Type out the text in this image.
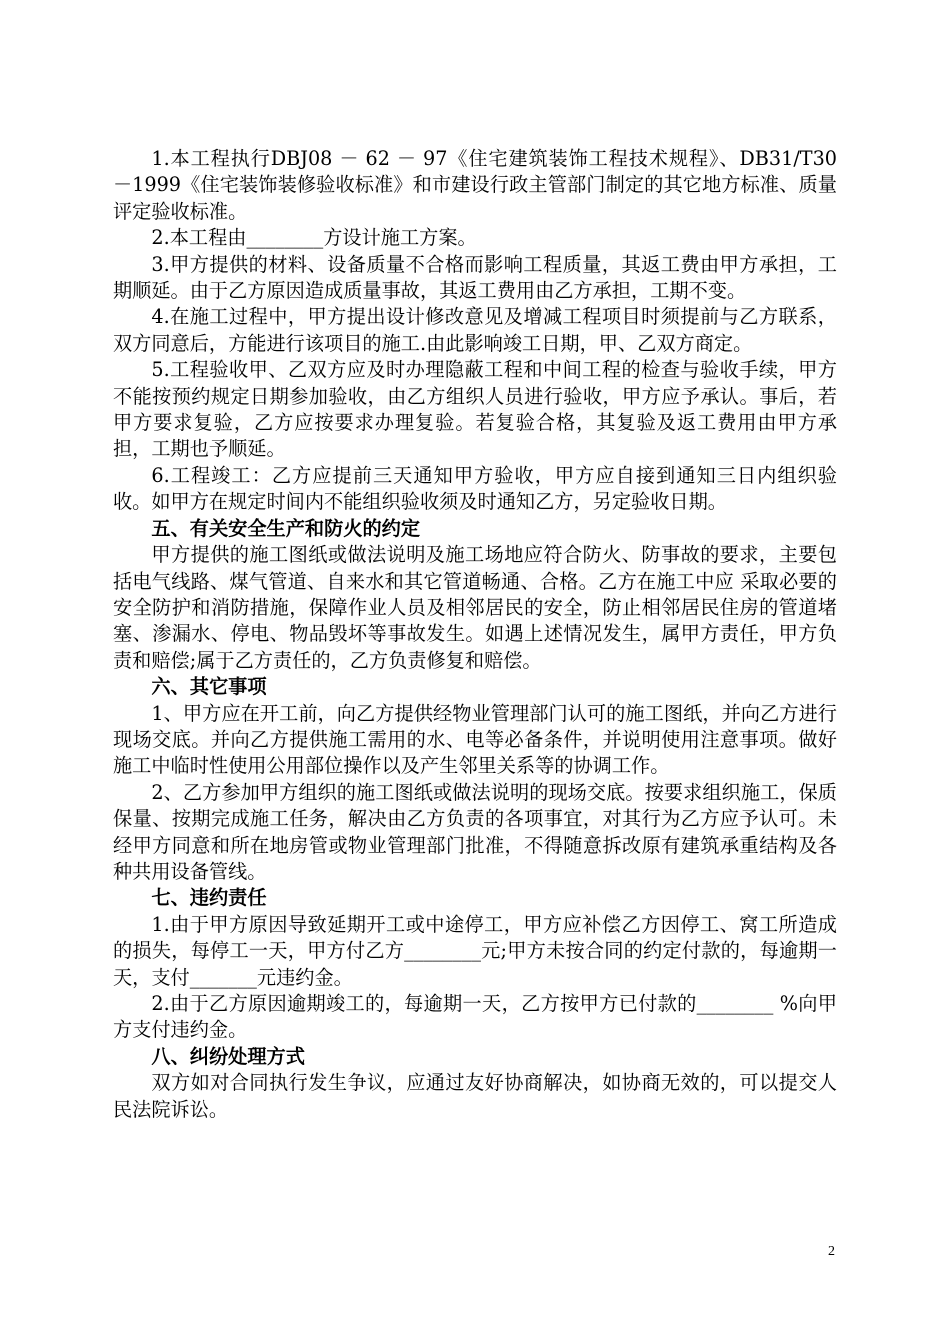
1.本工程执行DBJ08 － 62 － 97《住宅建筑装饰工程技术规程》、DB31/T30 －1999《住宅装饰装修验收标准》和市建设行政主管部门制定的其它地方标准、质量评定验收标准。

2.本工程由________方设计施工方案。

3.甲方提供的材料、设备质量不合格而影响工程质量，其返工费由甲方承担，工期顺延。由于乙方原因造成质量事故，其返工费用由乙方承担，工期不变。

4.在施工过程中，甲方提出设计修改意见及增减工程项目时须提前与乙方联系，双方同意后，方能进行该项目的施工.由此影响竣工日期，甲、乙双方商定。

5.工程验收甲、乙双方应及时办理隐蔽工程和中间工程的检查与验收手续，甲方不能按预约规定日期参加验收，由乙方组织人员进行验收，甲方应予承认。事后，若甲方要求复验，乙方应按要求办理复验。若复验合格，其复验及返工费用由甲方承担，工期也予顺延。

6.工程竣工：乙方应提前三天通知甲方验收，甲方应自接到通知三日内组织验收。如甲方在规定时间内不能组织验收须及时通知乙方，另定验收日期。

五、有关安全生产和防火的约定

甲方提供的施工图纸或做法说明及施工场地应符合防火、防事故的要求，主要包括电气线路、煤气管道、自来水和其它管道畅通、合格。乙方在施工中应 采取必要的安全防护和消防措施，保障作业人员及相邻居民的安全，防止相邻居民住房的管道堵塞、渗漏水、停电、物品毁坏等事故发生。如遇上述情况发生，属甲方责任，甲方负责和赔偿;属于乙方责任的，乙方负责修复和赔偿。

六、其它事项

1、甲方应在开工前，向乙方提供经物业管理部门认可的施工图纸，并向乙方进行现场交底。并向乙方提供施工需用的水、电等必备条件，并说明使用注意事项。做好施工中临时性使用公用部位操作以及产生邻里关系等的协调工作。

2、乙方参加甲方组织的施工图纸或做法说明的现场交底。按要求组织施工，保质保量、按期完成施工任务，解决由乙方负责的各项事宜，对其行为乙方应予认可。未经甲方同意和所在地房管或物业管理部门批准，不得随意拆改原有建筑承重结构及各种共用设备管线。

七、违约责任

1.由于甲方原因导致延期开工或中途停工，甲方应补偿乙方因停工、窝工所造成的损失，每停工一天，甲方付乙方________元;甲方未按合同的约定付款的，每逾期一天，支付_______元违约金。

2.由于乙方原因逾期竣工的，每逾期一天，乙方按甲方已付款的________ %向甲方支付违约金。

八、纠纷处理方式

双方如对合同执行发生争议，应通过友好协商解决，如协商无效的，可以提交人民法院诉讼。

2
